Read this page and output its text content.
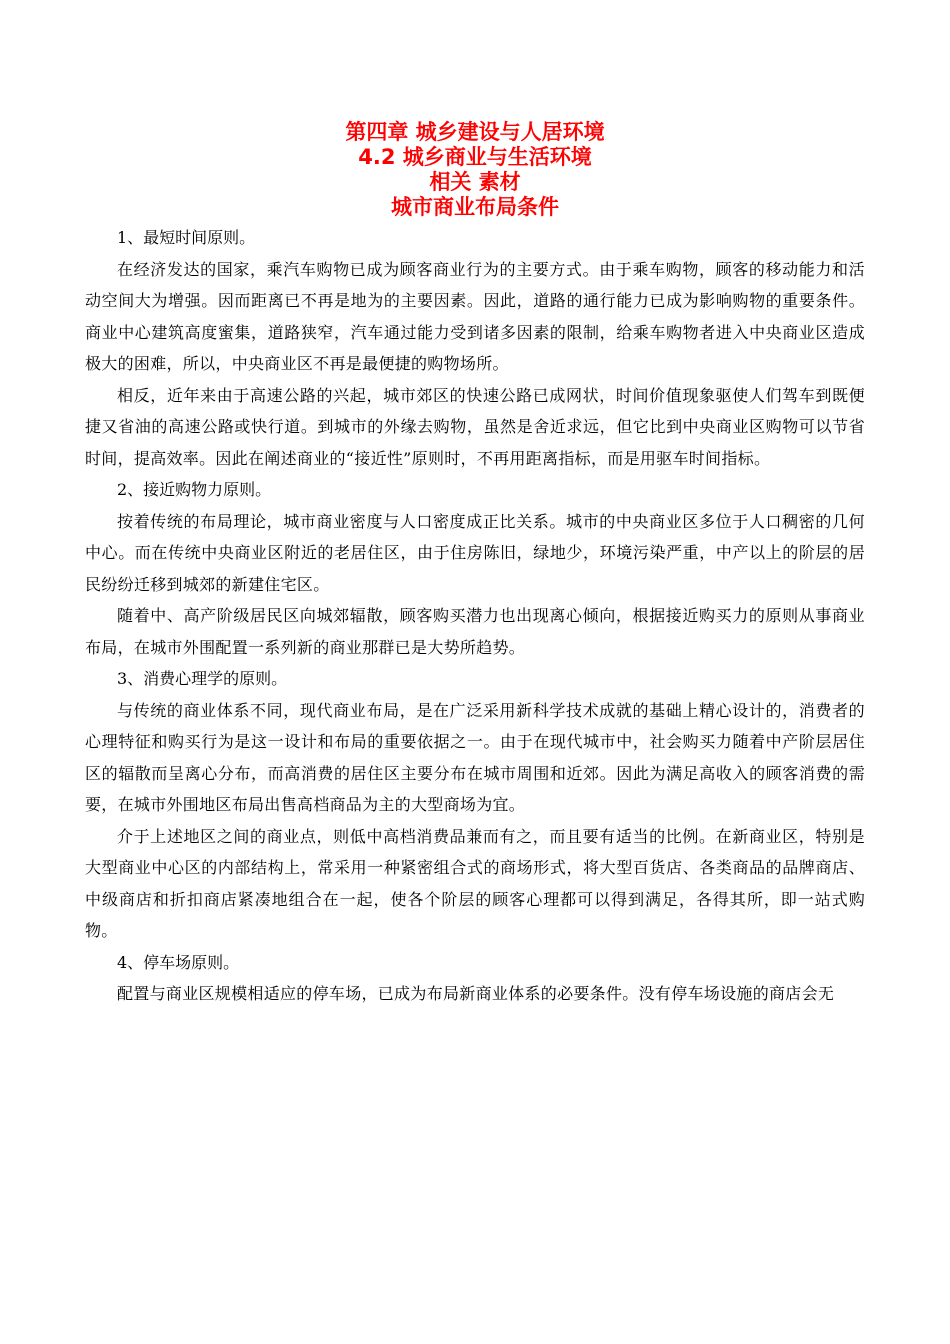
第四章 城乡建设与人居环境

4.2 城乡商业与生活环境

相关 素材

城市商业布局条件

1、最短时间原则。

在经济发达的国家，乘汽车购物已成为顾客商业行为的主要方式。由于乘车购物，顾客的移动能力和活动空间大为增强。因而距离已不再是地为的主要因素。因此，道路的通行能力已成为影响购物的重要条件。商业中心建筑高度蜜集，道路狭窄，汽车通过能力受到诸多因素的限制，给乘车购物者进入中央商业区造成极大的困难，所以，中央商业区不再是最便捷的购物场所。

相反，近年来由于高速公路的兴起，城市郊区的快速公路已成网状，时间价值现象驱使人们驾车到既便捷又省油的高速公路或快行道。到城市的外缘去购物，虽然是舍近求远，但它比到中央商业区购物可以节省时间，提高效率。因此在阐述商业的“接近性”原则时，不再用距离指标，而是用驱车时间指标。

2、接近购物力原则。

按着传统的布局理论，城市商业密度与人口密度成正比关系。城市的中央商业区多位于人口稠密的几何中心。而在传统中央商业区附近的老居住区，由于住房陈旧，绿地少，环境污染严重，中产以上的阶层的居民纷纷迁移到城郊的新建住宅区。

随着中、高产阶级居民区向城郊辐散，顾客购买潜力也出现离心倾向，根据接近购买力的原则从事商业布局，在城市外围配置一系列新的商业那群已是大势所趋势。

3、消费心理学的原则。

与传统的商业体系不同，现代商业布局，是在广泛采用新科学技术成就的基础上精心设计的，消费者的心理特征和购买行为是这一设计和布局的重要依据之一。由于在现代城市中，社会购买力随着中产阶层居住区的辐散而呈离心分布，而高消费的居住区主要分布在城市周围和近郊。因此为满足高收入的顾客消费的需要，在城市外围地区布局出售高档商品为主的大型商场为宜。

介于上述地区之间的商业点，则低中高档消费品兼而有之，而且要有适当的比例。在新商业区，特别是大型商业中心区的内部结构上，常采用一种紧密组合式的商场形式，将大型百货店、各类商品的品牌商店、中级商店和折扣商店紧凑地组合在一起，使各个阶层的顾客心理都可以得到满足，各得其所，即一站式购物。

4、停车场原则。

配置与商业区规模相适应的停车场，已成为布局新商业体系的必要条件。没有停车场设施的商店会无
